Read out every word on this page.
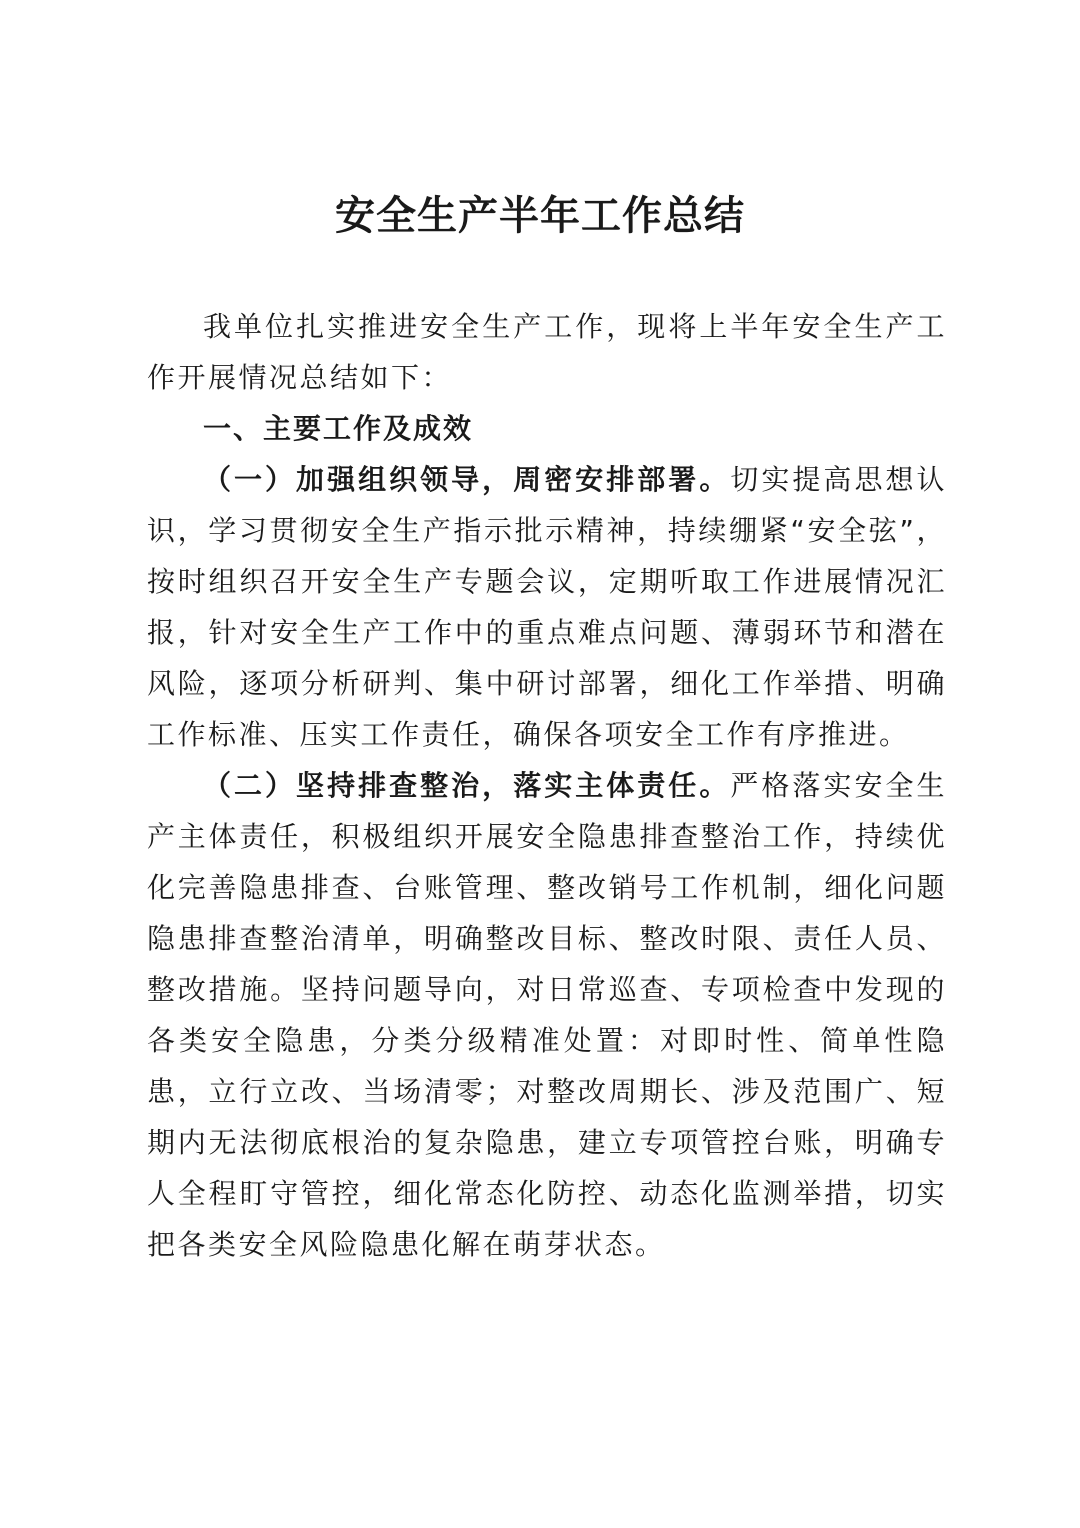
安全生产半年工作总结

我单位扎实推进安全生产工作，现将上半年安全生产工作开展情况总结如下：

一、主要工作及成效

（一）加强组织领导，周密安排部署。切实提高思想认识，学习贯彻安全生产指示批示精神，持续绷紧“安全弦”，按时组织召开安全生产专题会议，定期听取工作进展情况汇报，针对安全生产工作中的重点难点问题、薄弱环节和潜在风险，逐项分析研判、集中研讨部署，细化工作举措、明确工作标准、压实工作责任，确保各项安全工作有序推进。

（二）坚持排查整治，落实主体责任。严格落实安全生产主体责任，积极组织开展安全隐患排查整治工作，持续优化完善隐患排查、台账管理、整改销号工作机制，细化问题隐患排查整治清单，明确整改目标、整改时限、责任人员、整改措施。坚持问题导向，对日常巡查、专项检查中发现的各类安全隐患，分类分级精准处置：对即时性、简单性隐患，立行立改、当场清零；对整改周期长、涉及范围广、短期内无法彻底根治的复杂隐患，建立专项管控台账，明确专人全程盯守管控，细化常态化防控、动态化监测举措，切实把各类安全风险隐患化解在萌芽状态。
